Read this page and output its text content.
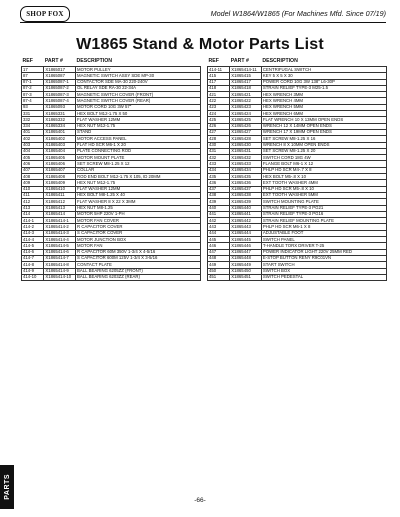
SHOP FOX	Model W1864/W1865 (For Machines Mfd. Since 07/19)
W1865 Stand & Motor Parts List
REF	PART #	DESCRIPTION
17	X1865017	MOTOR PULLEY
87	X1865087	MAGNETIC SWITCH ASSY SDE MP-30
87-1	X1865087-1	CONTACTOR SDE MA-30 220-240V
87-2	X1865087-2	OL RELAY SDE RA-30 22-34A
87-3	X1865087-3	MAGNETIC SWITCH COVER (FRONT)
87-4	X1865087-4	MAGNETIC SWITCH COVER (REAR)
93	X1865093	MOTOR CORD 10G 3W 57"
331	X1865331	HEX BOLT M12-1.75 X 50
332	X1865332	FLAT WASHER 12MM
334	X1865334	HEX NUT M12-1.75
401	X1865401	STAND
402	X1865402	MOTOR ACCESS PANEL
403	X1865403	FLAT HD SCR M6-1 X 20
404	X1865404	PLATE CONNECTING ROD
405	X1865405	MOTOR MOUNT PLATE
406	X1865406	SET SCREW M8-1.25 X 12
407	X1865407	COLLAR
408	X1865408	ROD END BOLT M12-1.75 X 105, ID 20MM
409	X1865409	HEX NUT M12-1.75
410	X1865410	FLAT WASHER 12MM
411	X1865411	HEX BOLT M8-1.25 X 40
412	X1865412	FLAT WASHER 8 X 22 X 3MM
413	X1865413	HEX NUT M8-1.25
414	X1865414	MOTOR 5HP 220V 1-PH
414-1	X1865414-1	MOTOR FAN COVER
414-2	X1865414-2	R CAPACITOR COVER
414-3	X1865414-3	S CAPACITOR COVER
414-4	X1865414-4	MOTOR JUNCTION BOX
414-5	X1865414-5	MOTOR FAN
414-6	X1865414-6	R CAPACITOR 60M 350V 1-3/4 X 4-5/16
414-7	X1865414-7	S CAPACITOR 600M 125V 1-3/4 X 3-5/16
414-8	X1865414-8	CONTACT PLATE
414-9	X1865414-9	BALL BEARING 6205ZZ (FRONT)
414-10	X1865414-10	BALL BEARING 6203ZZ (REAR)
REF	PART #	DESCRIPTION
414-11	X1865414-11	CENTRIFUGAL SWITCH
415	X1865415	KEY 5 X 5 X 30
417	X1865417	POWER CORD 10G 3W 138" L6-30P
418	X1865418	STRAIN RELIEF TYPE-3 M25-1.5
421	X1865421	HEX WRENCH 3MM
422	X1865422	HEX WRENCH 4MM
423	X1865423	HEX WRENCH 5MM
424	X1865424	HEX WRENCH 6MM
425	X1865425	FLAT WRENCH 10 X 13MM OPEN ENDS
426	X1865426	WRENCH 12 X 14MM OPEN ENDS
427	X1865427	WRENCH 17 X 19MM OPEN ENDS
428	X1865428	SET SCREW M8-1.25 X 16
430	X1865430	WRENCH 8 X 10MM OPEN ENDS
431	X1865431	SET SCREW M8-1.25 X 20
432	X1865432	SWITCH CORD 18G 4W
433	X1865433	FLANGE BOLT M6-1 X 12
434	X1865434	PHLP HD SCR M4-.7 X 8
435	X1865435	HEX BOLT M5-.8 X 10
436	X1865436	EXT TOOTH WASHER 4MM
437	X1865437	PHLP HD SCR M5-.8 X 10
438	X1865438	EXT TOOTH WASHER 5MM
439	X1865439	SWITCH MOUNTING PLATE
440	X1865440	STRAIN RELIEF TYPE-3 PG21
441	X1865441	STRAIN RELIEF TYPE-3 PG16
442	X1865442	STRAIN RELIEF MOUNTING PLATE
443	X1865443	PHLP HD SCR M6-1 X 8
444	X1865444	ADJUSTABLE FOOT
445	X1865445	SWITCH PANEL
446	X1865446	T-HANDLE TORX DRIVER T-25
447	X1865447	POWER INDICATOR LIGHT 220V 25MM RED
448	X1865448	E-STOP BUTTON RENY R9C01VN
449	X1865449	START SWITCH
450	X1865450	SWITCH BOX
451	X1865451	SWITCH PEDESTAL
PARTS
-66-
